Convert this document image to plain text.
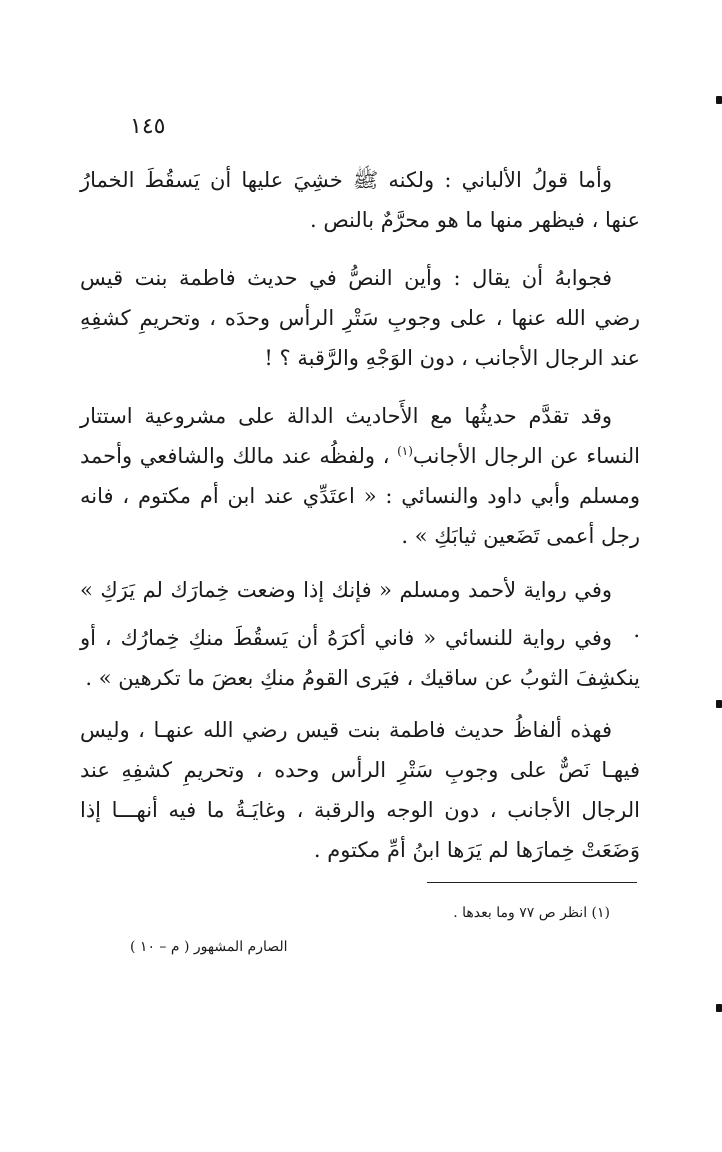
١٤٥

وأما قولُ الألباني : ولكنه ﷺ خشِيَ عليها أن يَسقُطَ الخمارُ عنها ، فيظهر منها ما هو محرَّمٌ بالنص .

فجوابهُ أن يقال : وأين النصُّ في حديث فاطمة بنت قيس رضي الله عنها ، على وجوبِ سَتْرِ الرأس وحدَه ، وتحريمِ كشفِهِ عند الرجال الأجانب ، دون الوَجْهِ والرَّقبة ؟ !

وقد تقدَّم حديثُها مع الأَحاديث الدالة على مشروعية استتار النساء عن الرجال الأجانب$^{(١)}$ ، ولفظُه عند مالك والشافعي وأحمد ومسلم وأبي داود والنسائي : « اعتَدِّي عند ابن أم مكتوم ، فانه رجل أعمى تَضَعين ثيابَكِ » .

وفي رواية لأحمد ومسلم « فإنك إذا وضعت خِمارَك لم يَرَكِ » .

وفي رواية للنسائي « فاني أكرَهُ أن يَسقُطَ منكِ خِمارُك ، أو ينكشِفَ الثوبُ عن ساقيك ، فيَرى القومُ منكِ بعضَ ما تكرهين » .

فهذه ألفاظُ حديث فاطمة بنت قيس رضي الله عنهـا ، وليس فيهـا نَصٌّ على وجوبِ سَتْرِ الرأس وحده ، وتحريمِ كشفِهِ عند الرجال الأجانب ، دون الوجه والرقبة ، وغايَـةُ ما فيه أنهـــا إذا وَضَعَتْ خِمارَها لم يَرَها ابنُ أمِّ مكتوم .

(١) انظر ص ٧٧ وما بعدها .
الصارم المشهور ( م – ١٠ )
